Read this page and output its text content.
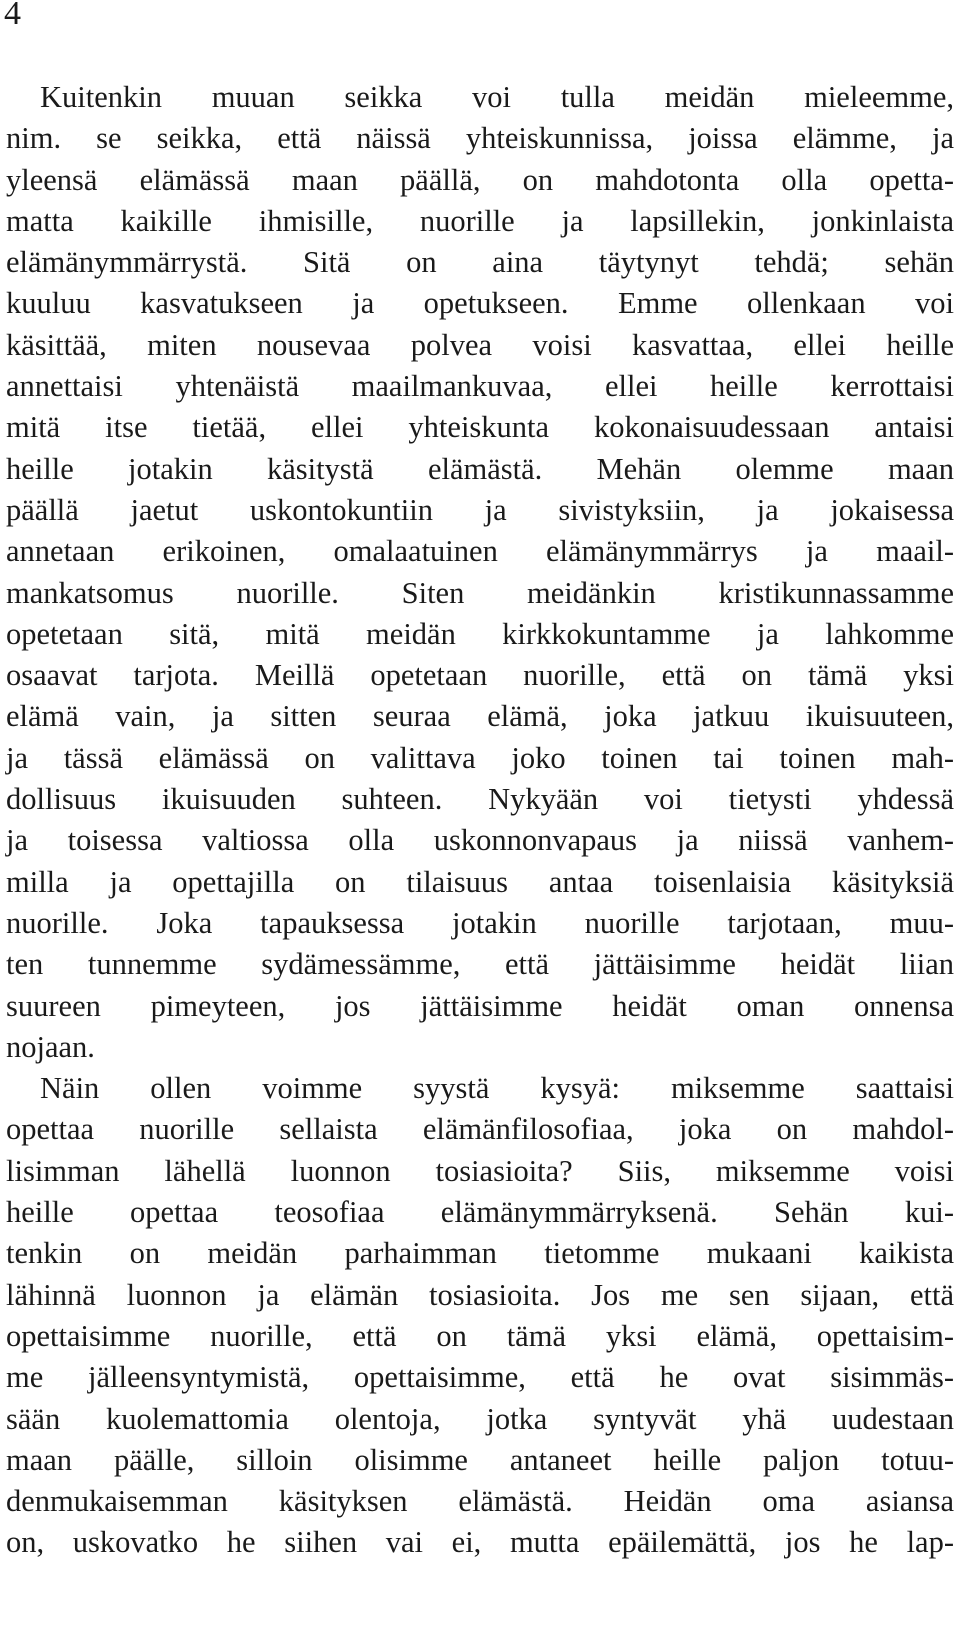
4
Kuitenkin muuan seikka voi tulla meidän mieleemme,
nim. se seikka, että näissä yhteiskunnissa, joissa elämme, ja
yleensä elämässä maan päällä, on mahdotonta olla opetta-
matta kaikille ihmisille, nuorille ja lapsillekin, jonkinlaista
elämänymmärrystä. Sitä on aina täytynyt tehdä; sehän
kuuluu kasvatukseen ja opetukseen. Emme ollenkaan voi
käsittää, miten nousevaa polvea voisi kasvattaa, ellei heille
annettaisi yhtenäistä maailmankuvaa, ellei heille kerrottaisi
mitä itse tietää, ellei yhteiskunta kokonaisuudessaan antaisi
heille jotakin käsitystä elämästä. Mehän olemme maan
päällä jaetut uskontokuntiin ja sivistyksiin, ja jokaisessa
annetaan erikoinen, omalaatuinen elämänymmärrys ja maail-
mankatsomus nuorille. Siten meidänkin kristikunnassamme
opetetaan sitä, mitä meidän kirkkokuntamme ja lahkomme
osaavat tarjota. Meillä opetetaan nuorille, että on tämä yksi
elämä vain, ja sitten seuraa elämä, joka jatkuu ikuisuuteen,
ja tässä elämässä on valittava joko toinen tai toinen mah-
dollisuus ikuisuuden suhteen. Nykyään voi tietysti yhdessä
ja toisessa valtiossa olla uskonnonvapaus ja niissä vanhem-
milla ja opettajilla on tilaisuus antaa toisenlaisia käsityksiä
nuorille. Joka tapauksessa jotakin nuorille tarjotaan, muu-
ten tunnemme sydämessämme, että jättäisimme heidät liian
suureen pimeyteen, jos jättäisimme heidät oman onnensa
nojaan.
Näin ollen voimme syystä kysyä: miksemme saattaisi
opettaa nuorille sellaista elämänfilosofiaa, joka on mahdol-
lisimman lähellä luonnon tosiasioita? Siis, miksemme voisi
heille opettaa teosofiaa elämänymmärryksenä. Sehän kui-
tenkin on meidän parhaimman tietomme mukaani kaikista
lähinnä luonnon ja elämän tosiasioita. Jos me sen sijaan, että
opettaisimme nuorille, että on tämä yksi elämä, opettaisim-
me jälleensyntymistä, opettaisimme, että he ovat sisimmäs-
sään kuolemattomia olentoja, jotka syntyvät yhä uudestaan
maan päälle, silloin olisimme antaneet heille paljon totuu-
denmukaisemman käsityksen elämästä. Heidän oma asiansa
on, uskovatko he siihen vai ei, mutta epäilemättä, jos he lap-
